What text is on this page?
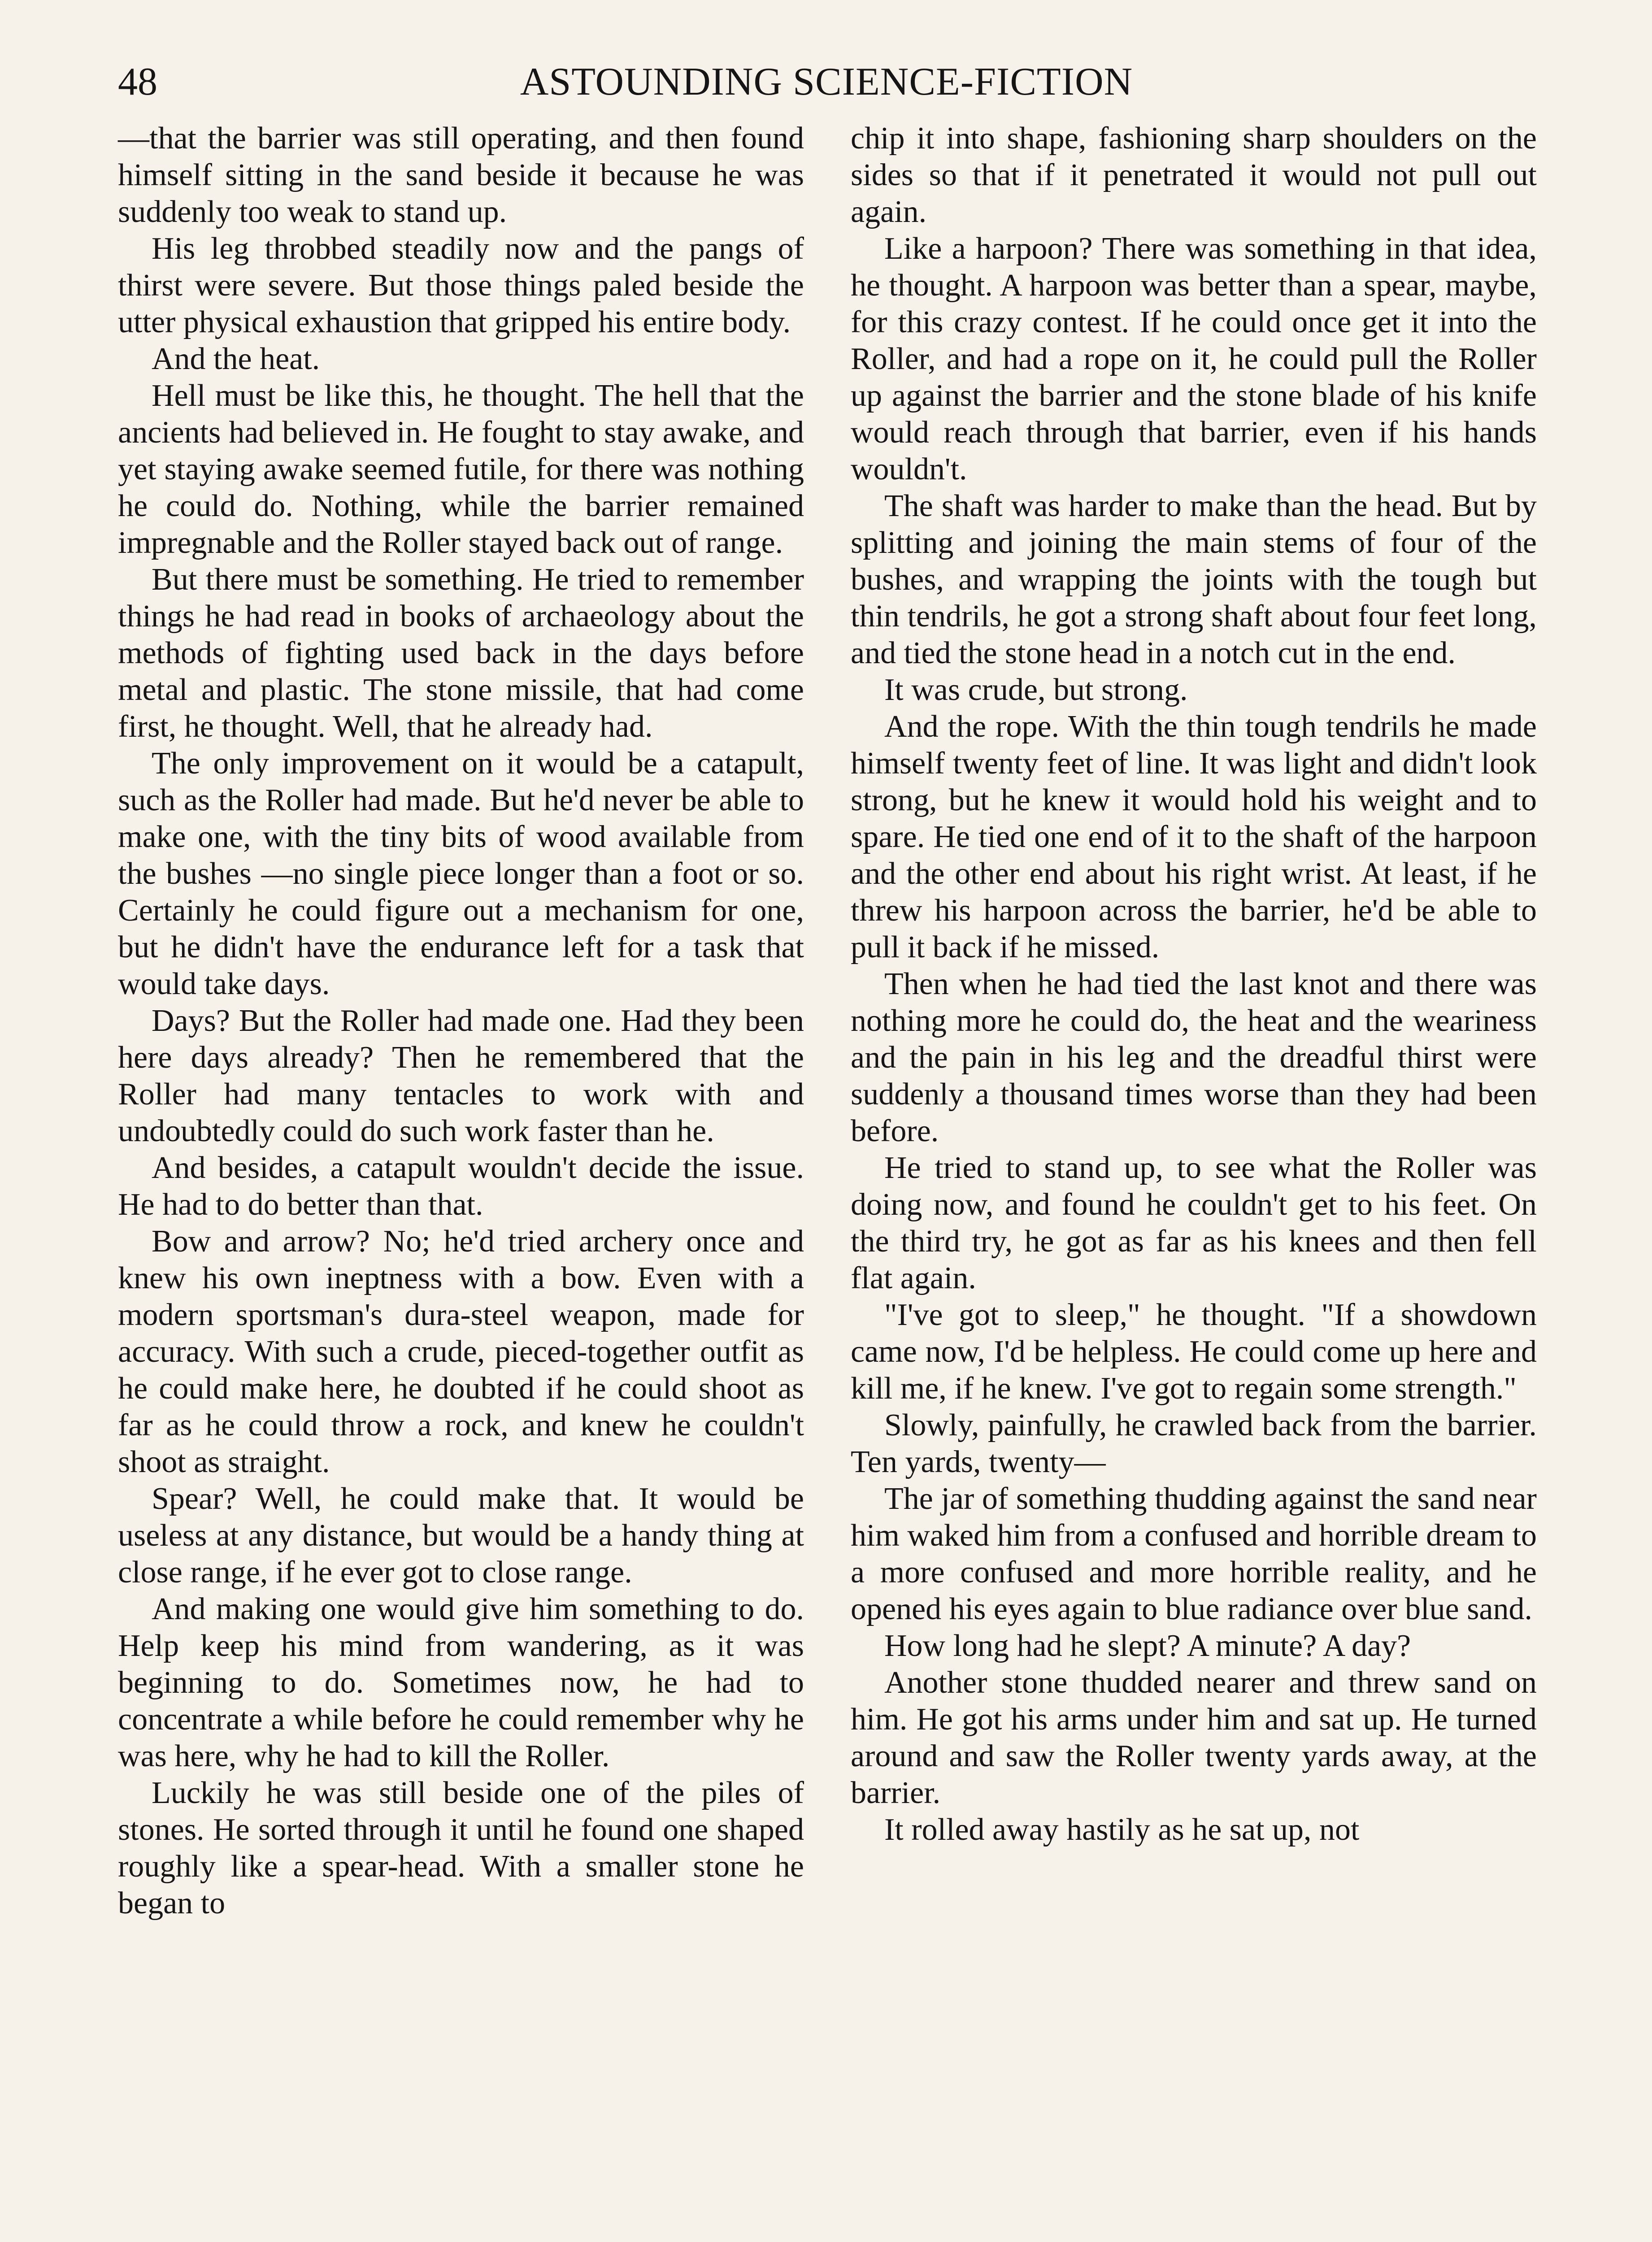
48	ASTOUNDING SCIENCE-FICTION

—that the barrier was still operating, and then found himself sitting in the sand beside it because he was suddenly too weak to stand up.

His leg throbbed steadily now and the pangs of thirst were severe. But those things paled beside the utter physical exhaustion that gripped his entire body.

And the heat.

Hell must be like this, he thought. The hell that the ancients had believed in. He fought to stay awake, and yet staying awake seemed futile, for there was nothing he could do. Nothing, while the barrier remained impregnable and the Roller stayed back out of range.

But there must be something. He tried to remember things he had read in books of archaeology about the methods of fighting used back in the days before metal and plastic. The stone missile, that had come first, he thought. Well, that he already had.

The only improvement on it would be a catapult, such as the Roller had made. But he'd never be able to make one, with the tiny bits of wood available from the bushes —no single piece longer than a foot or so. Certainly he could figure out a mechanism for one, but he didn't have the endurance left for a task that would take days.

Days? But the Roller had made one. Had they been here days already? Then he remembered that the Roller had many tentacles to work with and undoubtedly could do such work faster than he.

And besides, a catapult wouldn't decide the issue. He had to do better than that.

Bow and arrow? No; he'd tried archery once and knew his own ineptness with a bow. Even with a modern sportsman's dura-steel weapon, made for accuracy. With such a crude, pieced-together outfit as he could make here, he doubted if he could shoot as far as he could throw a rock, and knew he couldn't shoot as straight.

Spear? Well, he could make that. It would be useless at any distance, but would be a handy thing at close range, if he ever got to close range.

And making one would give him something to do. Help keep his mind from wandering, as it was beginning to do. Sometimes now, he had to concentrate a while before he could remember why he was here, why he had to kill the Roller.

Luckily he was still beside one of the piles of stones. He sorted through it until he found one shaped roughly like a spear-head. With a smaller stone he began to

chip it into shape, fashioning sharp shoulders on the sides so that if it penetrated it would not pull out again.

Like a harpoon? There was something in that idea, he thought. A harpoon was better than a spear, maybe, for this crazy contest. If he could once get it into the Roller, and had a rope on it, he could pull the Roller up against the barrier and the stone blade of his knife would reach through that barrier, even if his hands wouldn't.

The shaft was harder to make than the head. But by splitting and joining the main stems of four of the bushes, and wrapping the joints with the tough but thin tendrils, he got a strong shaft about four feet long, and tied the stone head in a notch cut in the end.

It was crude, but strong.

And the rope. With the thin tough tendrils he made himself twenty feet of line. It was light and didn't look strong, but he knew it would hold his weight and to spare. He tied one end of it to the shaft of the harpoon and the other end about his right wrist. At least, if he threw his harpoon across the barrier, he'd be able to pull it back if he missed.

Then when he had tied the last knot and there was nothing more he could do, the heat and the weariness and the pain in his leg and the dreadful thirst were suddenly a thousand times worse than they had been before.

He tried to stand up, to see what the Roller was doing now, and found he couldn't get to his feet. On the third try, he got as far as his knees and then fell flat again.

"I've got to sleep," he thought. "If a showdown came now, I'd be helpless. He could come up here and kill me, if he knew. I've got to regain some strength."

Slowly, painfully, he crawled back from the barrier. Ten yards, twenty—

The jar of something thudding against the sand near him waked him from a confused and horrible dream to a more confused and more horrible reality, and he opened his eyes again to blue radiance over blue sand.

How long had he slept? A minute? A day?

Another stone thudded nearer and threw sand on him. He got his arms under him and sat up. He turned around and saw the Roller twenty yards away, at the barrier.

It rolled away hastily as he sat up, not
